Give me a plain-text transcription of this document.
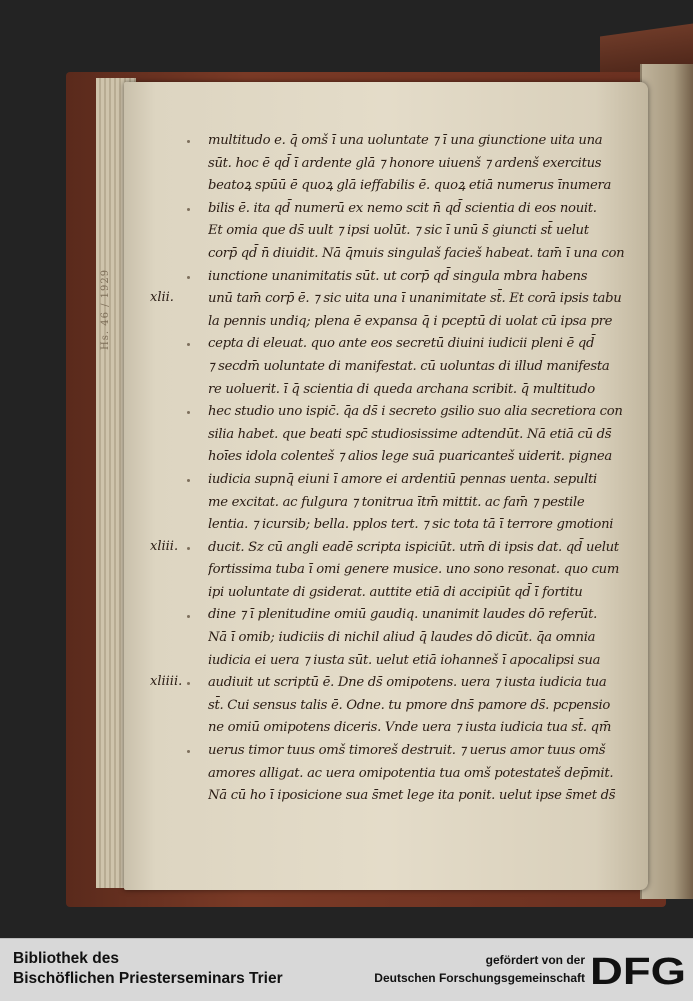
Hs. 46 / 1929
multitudo e. q̄ omš ī una uoluntate ⁊ ī una ɡiunctione uita una
sūt. hoc ē qd̄ ī ardente glā ⁊ honore uiuenš ⁊ ardenš exercitus
beatoꝝ spūū ē quoꝝ glā ieffabilis ē. quoꝝ etiā numerus īnumera
bilis ē. ita qd̄ numerū ex nemo scit n̄ qd̄ scientia di eos nouit.
Et omia que ds̄ uult ⁊ ipsi uolūt. ⁊ sic ī unū s̄ giuncti st̄ uelut
corp̄ qd̄ n̄ diuidit. Nā q̄muis singulaš facieš habeat. tam̄ ī una con
iunctione unanimitatis sūt. ut corp̄ qd̄ singula mbra habens
unū tam̄ corp̄ ē. ⁊ sic uita una ī unanimitate st̄. Et corā ipsis tabu
la pennis undiq; plena ē expansa q̄ i pceptū di uolat cū ipsa pre
cepta di eleuat. quo ante eos secretū diuini iudicii pleni ē qd̄
⁊ secdm̄ uoluntate di manifestat. cū uoluntas di illud manifesta
re uoluerit. ī q̄ scientia di queda archana scribit. q̄ multitudo
hec studio uno ispic̄. q̄a ds̄ i secreto gsilio suo alia secretiora con
silia habet. que beati spc̄ studiosissime adtendūt. Nā etiā cū ds̄
hoīes idola colenteš ⁊ alios lege suā puaricanteš uiderit. pignea
iudicia supnq̄ eiuni ī amore ei ardentiū pennas uenta. sepulti
me excitat. ac fulgura ⁊ tonitrua ītm̄ mittit. ac fam̄ ⁊ pestile
lentia. ⁊ icursib; bella. pplos tert. ⁊ sic tota tā ī terrore gmotioni
ducit. Sz cū angli eadē scripta ispiciūt. utm̄ di ipsis dat. qd̄ uelut
fortissima tuba ī omi genere musice. uno sono resonat. quo cum
ipi uoluntate di gsiderat. auttite etiā di accipiūt qd̄ ī fortitu
dine ⁊ ī plenitudine omiū gaudiq. unanimit laudes dō referūt.
Nā ī omib; iudiciis di nichil aliud q̄ laudes dō dicūt. q̄a omnia
iudicia ei uera ⁊ iusta sūt. uelut etiā iohanneš ī apocalipsi sua
audiuit ut scriptū ē. Dne ds̄ omipotens. uera ⁊ iusta iudicia tua
st̄. Cui sensus talis ē. Odne. tu pmore dns̄ pamore ds̄. pcpensio
ne omiū omipotens diceris. Vnde uera ⁊ iusta iudicia tua st̄. qm̄
uerus timor tuus omš timoreš destruit. ⁊ uerus amor tuus omš
amores alligat. ac uera omipotentia tua omš potestateš dep̄mit.
Nā cū ho ī iposicione sua s̄met lege ita ponit. uelut ipse s̄met ds̄
xlii.
xliii.
xliiii.
Bibliothek des
Bischöflichen Priesterseminars Trier
gefördert von der
Deutschen Forschungsgemeinschaft DFG
